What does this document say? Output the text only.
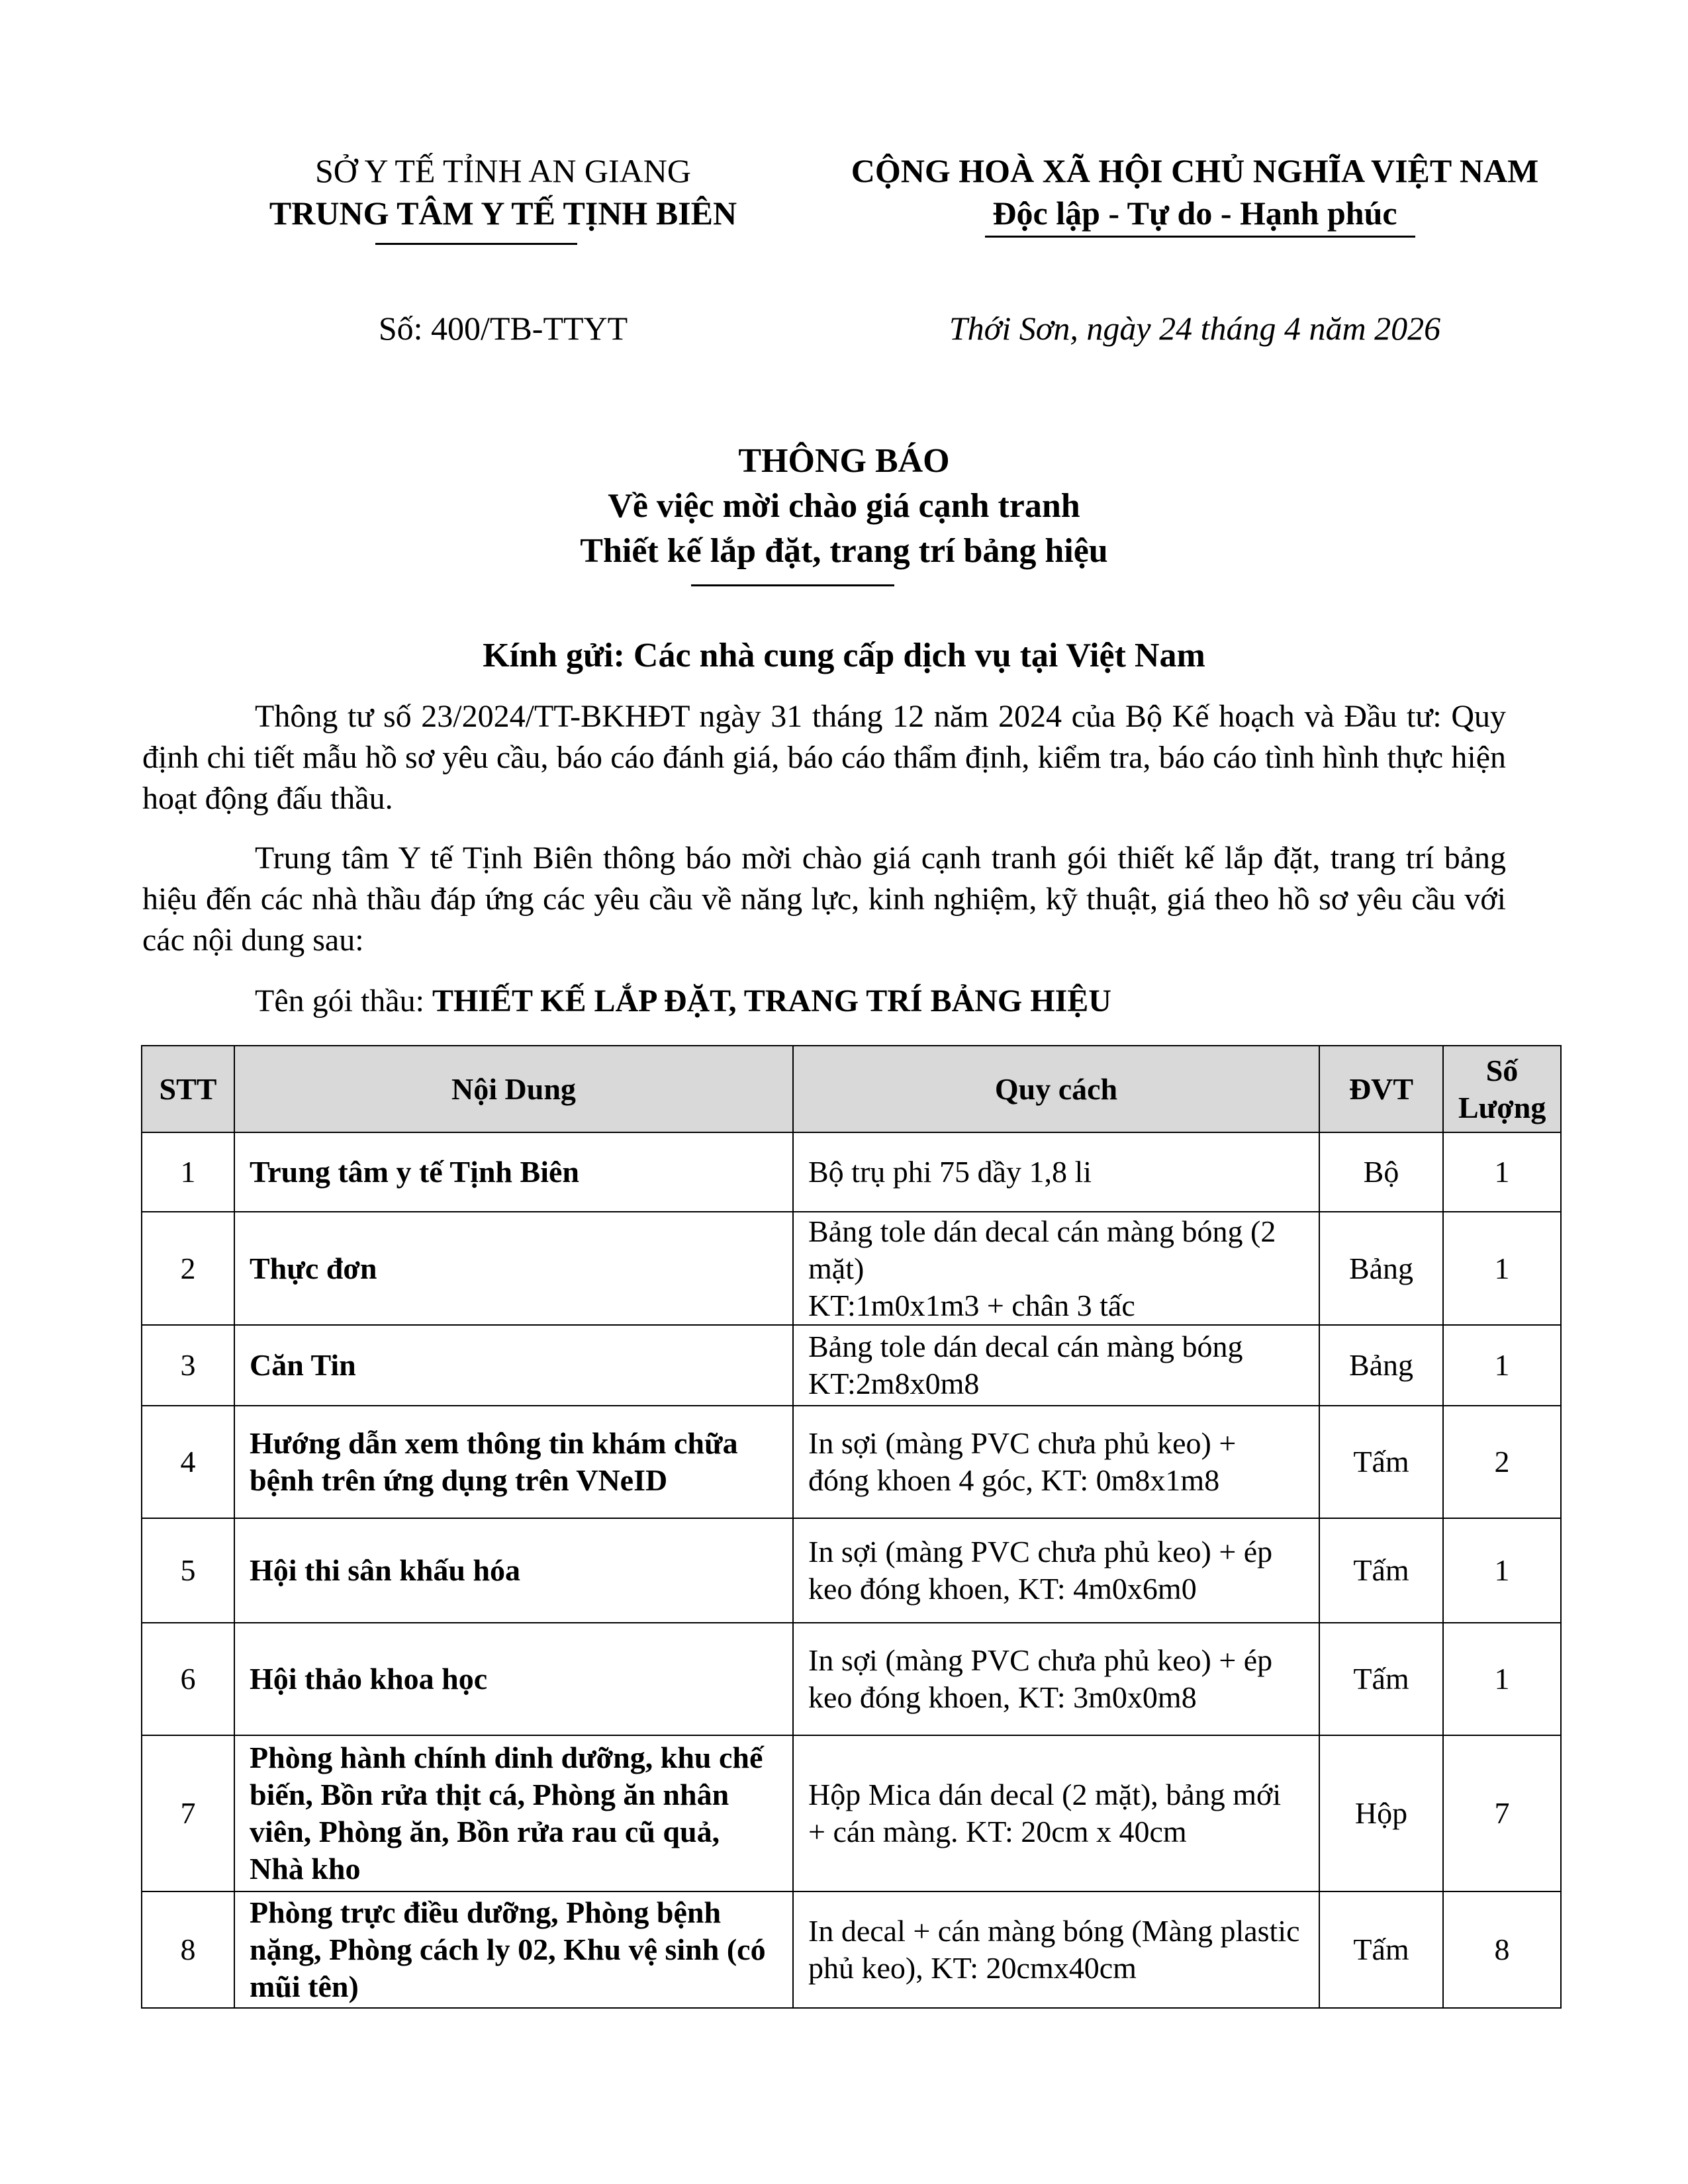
SỞ Y TẾ TỈNH AN GIANG
TRUNG TÂM Y TẾ TỊNH BIÊN
CỘNG HOÀ XÃ HỘI CHỦ NGHĨA VIỆT NAM
Độc lập - Tự do - Hạnh phúc
Số: 400/TB-TTYT	Thới Sơn, ngày 24 tháng 4 năm 2026
THÔNG BÁO
Về việc mời chào giá cạnh tranh
Thiết kế lắp đặt, trang trí bảng hiệu
Kính gửi: Các nhà cung cấp dịch vụ tại Việt Nam
Thông tư số 23/2024/TT-BKHĐT ngày 31 tháng 12 năm 2024 của Bộ Kế hoạch và Đầu tư: Quy định chi tiết mẫu hồ sơ yêu cầu, báo cáo đánh giá, báo cáo thẩm định, kiểm tra, báo cáo tình hình thực hiện hoạt động đấu thầu.
Trung tâm Y tế Tịnh Biên thông báo mời chào giá cạnh tranh gói thiết kế lắp đặt, trang trí bảng hiệu đến các nhà thầu đáp ứng các yêu cầu về năng lực, kinh nghiệm, kỹ thuật, giá theo hồ sơ yêu cầu với các nội dung sau:
Tên gói thầu: THIẾT KẾ LẮP ĐẶT, TRANG TRÍ BẢNG HIỆU
STT	Nội Dung	Quy cách	ĐVT	Số
Lượng
1	Trung tâm y tế Tịnh Biên	Bộ trụ phi 75 dầy 1,8 li	Bộ	1
2	Thực đơn	Bảng tole dán decal cán màng bóng (2 mặt)
KT:1m0x1m3 + chân 3 tấc	Bảng	1
3	Căn Tin	Bảng tole dán decal cán màng bóng
KT:2m8x0m8	Bảng	1
4	Hướng dẫn xem thông tin khám chữa bệnh trên ứng dụng trên VNeID	In sợi (màng PVC chưa phủ keo) + đóng khoen 4 góc, KT: 0m8x1m8	Tấm	2
5	Hội thi sân khấu hóa	In sợi (màng PVC chưa phủ keo) + ép keo đóng khoen, KT: 4m0x6m0	Tấm	1
6	Hội thảo khoa học	In sợi (màng PVC chưa phủ keo) + ép keo đóng khoen, KT: 3m0x0m8	Tấm	1
7	Phòng hành chính dinh dưỡng, khu chế biến, Bồn rửa thịt cá, Phòng ăn nhân viên, Phòng ăn, Bồn rửa rau cũ quả, Nhà kho	Hộp Mica dán decal (2 mặt), bảng mới + cán màng. KT: 20cm x 40cm	Hộp	7
8	Phòng trực điều dưỡng, Phòng bệnh nặng, Phòng cách ly 02, Khu vệ sinh (có mũi tên)	In decal + cán màng bóng (Màng plastic phủ keo), KT: 20cmx40cm	Tấm	8
